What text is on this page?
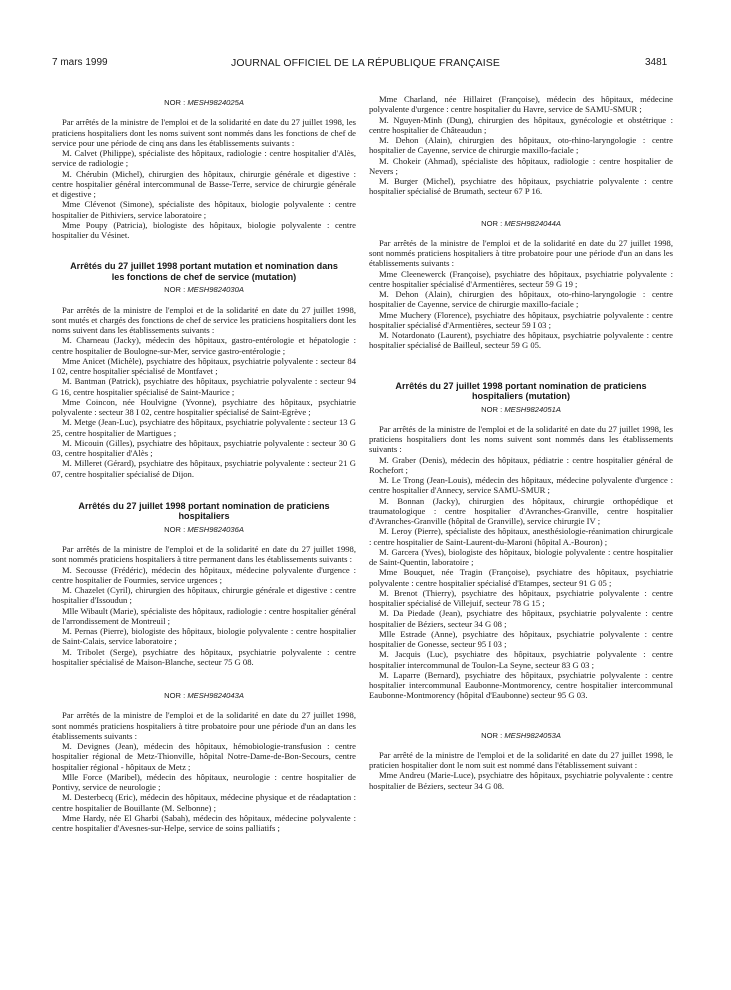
7 mars 1999	JOURNAL OFFICIEL DE LA RÉPUBLIQUE FRANÇAISE	3481
NOR : MESH9824025A

Par arrêtés de la ministre de l'emploi et de la solidarité en date du 27 juillet 1998, les praticiens hospitaliers dont les noms suivent sont nommés dans les fonctions de chef de service pour une période de cinq ans dans les établissements suivants :

M. Calvet (Philippe), spécialiste des hôpitaux, radiologie : centre hospitalier d'Alès, service de radiologie ;

M. Chérubin (Michel), chirurgien des hôpitaux, chirurgie générale et digestive : centre hospitalier général intercommunal de Basse-Terre, service de chirurgie générale et digestive ;

Mme Clévenot (Simone), spécialiste des hôpitaux, biologie polyvalente : centre hospitalier de Pithiviers, service laboratoire ;

Mme Poupy (Patricia), biologiste des hôpitaux, biologie polyvalente : centre hospitalier du Vésinet.

Arrêtés du 27 juillet 1998 portant mutation et nomination dans les fonctions de chef de service (mutation)
NOR : MESH9824030A

Par arrêtés de la ministre de l'emploi et de la solidarité en date du 27 juillet 1998, sont mutés et chargés des fonctions de chef de service les praticiens hospitaliers dont les noms suivent dans les établissements suivants :

M. Charneau (Jacky), médecin des hôpitaux, gastro-entérologie et hépatologie : centre hospitalier de Boulogne-sur-Mer, service gastro-entérologie ;

Mme Anicet (Michèle), psychiatre des hôpitaux, psychiatrie polyvalente : secteur 84 I 02, centre hospitalier spécialisé de Montfavet ;

M. Bantman (Patrick), psychiatre des hôpitaux, psychiatrie polyvalente : secteur 94 G 16, centre hospitalier spécialisé de Saint-Maurice ;

Mme Coincon, née Houlvigne (Yvonne), psychiatre des hôpitaux, psychiatrie polyvalente : secteur 38 I 02, centre hospitalier spécialisé de Saint-Egrève ;

M. Metge (Jean-Luc), psychiatre des hôpitaux, psychiatrie polyvalente : secteur 13 G 25, centre hospitalier de Martigues ;

M. Micouin (Gilles), psychiatre des hôpitaux, psychiatrie polyvalente : secteur 30 G 03, centre hospitalier d'Alès ;

M. Milleret (Gérard), psychiatre des hôpitaux, psychiatrie polyvalente : secteur 21 G 07, centre hospitalier spécialisé de Dijon.

Arrêtés du 27 juillet 1998 portant nomination de praticiens hospitaliers
NOR : MESH9824036A

Par arrêtés de la ministre de l'emploi et de la solidarité en date du 27 juillet 1998, sont nommés praticiens hospitaliers à titre permanent dans les établissements suivants :

M. Secousse (Frédéric), médecin des hôpitaux, médecine polyvalente d'urgence : centre hospitalier de Fourmies, service urgences ;

M. Chazelet (Cyril), chirurgien des hôpitaux, chirurgie générale et digestive : centre hospitalier d'Issoudun ;

Mlle Wibault (Marie), spécialiste des hôpitaux, radiologie : centre hospitalier général de l'arrondissement de Montreuil ;

M. Pernas (Pierre), biologiste des hôpitaux, biologie polyvalente : centre hospitalier de Saint-Calais, service laboratoire ;

M. Tribolet (Serge), psychiatre des hôpitaux, psychiatrie polyvalente : centre hospitalier spécialisé de Maison-Blanche, secteur 75 G 08.

NOR : MESH9824043A

Par arrêtés de la ministre de l'emploi et de la solidarité en date du 27 juillet 1998, sont nommés praticiens hospitaliers à titre probatoire pour une période d'un an dans les établissements suivants :

M. Devignes (Jean), médecin des hôpitaux, hémobiologie-transfusion : centre hospitalier régional de Metz-Thionville, hôpital Notre-Dame-de-Bon-Secours, centre hospitalier régional - hôpitaux de Metz ;

Mlle Force (Maribel), médecin des hôpitaux, neurologie : centre hospitalier de Pontivy, service de neurologie ;

M. Desterbecq (Eric), médecin des hôpitaux, médecine physique et de réadaptation : centre hospitalier de Bouillante (M. Selbonne) ;

Mme Hardy, née El Gharbi (Sabah), médecin des hôpitaux, médecine polyvalente : centre hospitalier d'Avesnes-sur-Helpe, service de soins palliatifs ;

Mme Charland, née Hillairet (Françoise), médecin des hôpitaux, médecine polyvalente d'urgence : centre hospitalier du Havre, service de SAMU-SMUR ;

M. Nguyen-Minh (Dung), chirurgien des hôpitaux, gynécologie et obstétrique : centre hospitalier de Châteaudun ;

M. Dehon (Alain), chirurgien des hôpitaux, oto-rhino-laryngologie : centre hospitalier de Cayenne, service de chirurgie maxillo-faciale ;

M. Chokeir (Ahmad), spécialiste des hôpitaux, radiologie : centre hospitalier de Nevers ;

M. Burger (Michel), psychiatre des hôpitaux, psychiatrie polyvalente : centre hospitalier spécialisé de Brumath, secteur 67 P 16.

NOR : MESH9824044A

Par arrêtés de la ministre de l'emploi et de la solidarité en date du 27 juillet 1998, sont nommés praticiens hospitaliers à titre probatoire pour une période d'un an dans les établissements suivants :

Mme Cleenewerck (Françoise), psychiatre des hôpitaux, psychiatrie polyvalente : centre hospitalier spécialisé d'Armentières, secteur 59 G 19 ;

M. Dehon (Alain), chirurgien des hôpitaux, oto-rhino-laryngologie : centre hospitalier de Cayenne, service de chirurgie maxillo-faciale ;

Mme Muchery (Florence), psychiatre des hôpitaux, psychiatrie polyvalente : centre hospitalier spécialisé d'Armentières, secteur 59 I 03 ;

M. Notardonato (Laurent), psychiatre des hôpitaux, psychiatrie polyvalente : centre hospitalier spécialisé de Bailleul, secteur 59 G 05.

Arrêtés du 27 juillet 1998 portant nomination de praticiens hospitaliers (mutation)
NOR : MESH9824051A

Par arrêtés de la ministre de l'emploi et de la solidarité en date du 27 juillet 1998, les praticiens hospitaliers dont les noms suivent sont nommés dans les établissements suivants :

M. Graber (Denis), médecin des hôpitaux, pédiatrie : centre hospitalier général de Rochefort ;

M. Le Trong (Jean-Louis), médecin des hôpitaux, médecine polyvalente d'urgence : centre hospitalier d'Annecy, service SAMU-SMUR ;

M. Bonnan (Jacky), chirurgien des hôpitaux, chirurgie orthopédique et traumatologique : centre hospitalier d'Avranches-Granville, centre hospitalier d'Avranches-Granville (hôpital de Granville), service chirurgie IV ;

M. Leroy (Pierre), spécialiste des hôpitaux, anesthésiologie-réanimation chirurgicale : centre hospitalier de Saint-Laurent-du-Maroni (hôpital A.-Bouron) ;

M. Garcera (Yves), biologiste des hôpitaux, biologie polyvalente : centre hospitalier de Saint-Quentin, laboratoire ;

Mme Bouquet, née Tragin (Françoise), psychiatre des hôpitaux, psychiatrie polyvalente : centre hospitalier spécialisé d'Etampes, secteur 91 G 05 ;

M. Brenot (Thierry), psychiatre des hôpitaux, psychiatrie polyvalente : centre hospitalier spécialisé de Villejuif, secteur 78 G 15 ;

M. Da Piedade (Jean), psychiatre des hôpitaux, psychiatrie polyvalente : centre hospitalier de Béziers, secteur 34 G 08 ;

Mlle Estrade (Anne), psychiatre des hôpitaux, psychiatrie polyvalente : centre hospitalier de Gonesse, secteur 95 I 03 ;

M. Jacquis (Luc), psychiatre des hôpitaux, psychiatrie polyvalente : centre hospitalier intercommunal de Toulon-La Seyne, secteur 83 G 03 ;

M. Laparre (Bernard), psychiatre des hôpitaux, psychiatrie polyvalente : centre hospitalier intercommunal Eaubonne-Montmorency, centre hospitalier intercommunal Eaubonne-Montmorency (hôpital d'Eaubonne) secteur 95 G 03.

NOR : MESH9824053A

Par arrêté de la ministre de l'emploi et de la solidarité en date du 27 juillet 1998, le praticien hospitalier dont le nom suit est nommé dans l'établissement suivant :

Mme Andreu (Marie-Luce), psychiatre des hôpitaux, psychiatrie polyvalente : centre hospitalier de Béziers, secteur 34 G 08.
